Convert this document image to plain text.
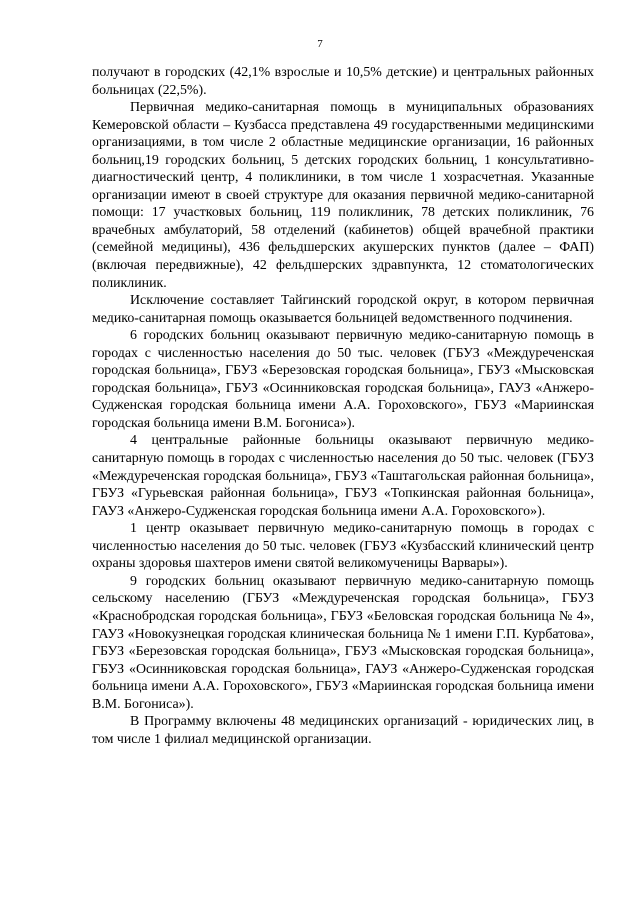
7

получают в городских (42,1% взрослые и 10,5% детские) и центральных районных больницах (22,5%).

Первичная медико-санитарная помощь в муниципальных образованиях Кемеровской области – Кузбасса представлена 49 государственными медицинскими организациями, в том числе 2 областные медицинские организации, 16 районных больниц,19 городских больниц, 5 детских городских больниц, 1 консультативно-диагностический центр, 4 поликлиники, в том числе 1 хозрасчетная. Указанные организации имеют в своей структуре для оказания первичной медико-санитарной помощи: 17 участковых больниц, 119 поликлиник, 78 детских поликлиник, 76 врачебных амбулаторий, 58 отделений (кабинетов) общей врачебной практики (семейной медицины), 436 фельдшерских акушерских пунктов (далее – ФАП) (включая передвижные), 42 фельдшерских здравпункта, 12 стоматологических поликлиник.

Исключение составляет Тайгинский городской округ, в котором первичная медико-санитарная помощь оказывается больницей ведомственного подчинения.

6 городских больниц оказывают первичную медико-санитарную помощь в городах с численностью населения до 50 тыс. человек (ГБУЗ «Междуреченская городская больница», ГБУЗ «Березовская городская больница», ГБУЗ «Мысковская городская больница», ГБУЗ «Осинниковская городская больница», ГАУЗ «Анжеро-Судженская городская больница имени А.А. Гороховского», ГБУЗ «Мариинская городская больница имени В.М. Богониса»).

4 центральные районные больницы оказывают первичную медико-санитарную помощь в городах с численностью населения до 50 тыс. человек (ГБУЗ «Междуреченская городская больница», ГБУЗ «Таштагольская районная больница», ГБУЗ «Гурьевская районная больница», ГБУЗ «Топкинская районная больница», ГАУЗ «Анжеро-Судженская городская больница имени А.А. Гороховского»).

1 центр оказывает первичную медико-санитарную помощь в городах с численностью населения до 50 тыс. человек (ГБУЗ «Кузбасский клинический центр охраны здоровья шахтеров имени святой великомученицы Варвары»).

9 городских больниц оказывают первичную медико-санитарную помощь сельскому населению (ГБУЗ «Междуреченская городская больница», ГБУЗ «Краснобродская городская больница», ГБУЗ «Беловская городская больница № 4», ГАУЗ «Новокузнецкая городская клиническая больница № 1 имени Г.П. Курбатова», ГБУЗ «Березовская городская больница», ГБУЗ «Мысковская городская больница», ГБУЗ «Осинниковская городская больница», ГАУЗ «Анжеро-Судженская городская больница имени А.А. Гороховского», ГБУЗ «Мариинская городская больница имени В.М. Богониса»).

В Программу включены 48 медицинских организаций - юридических лиц, в том числе 1 филиал медицинской организации.
